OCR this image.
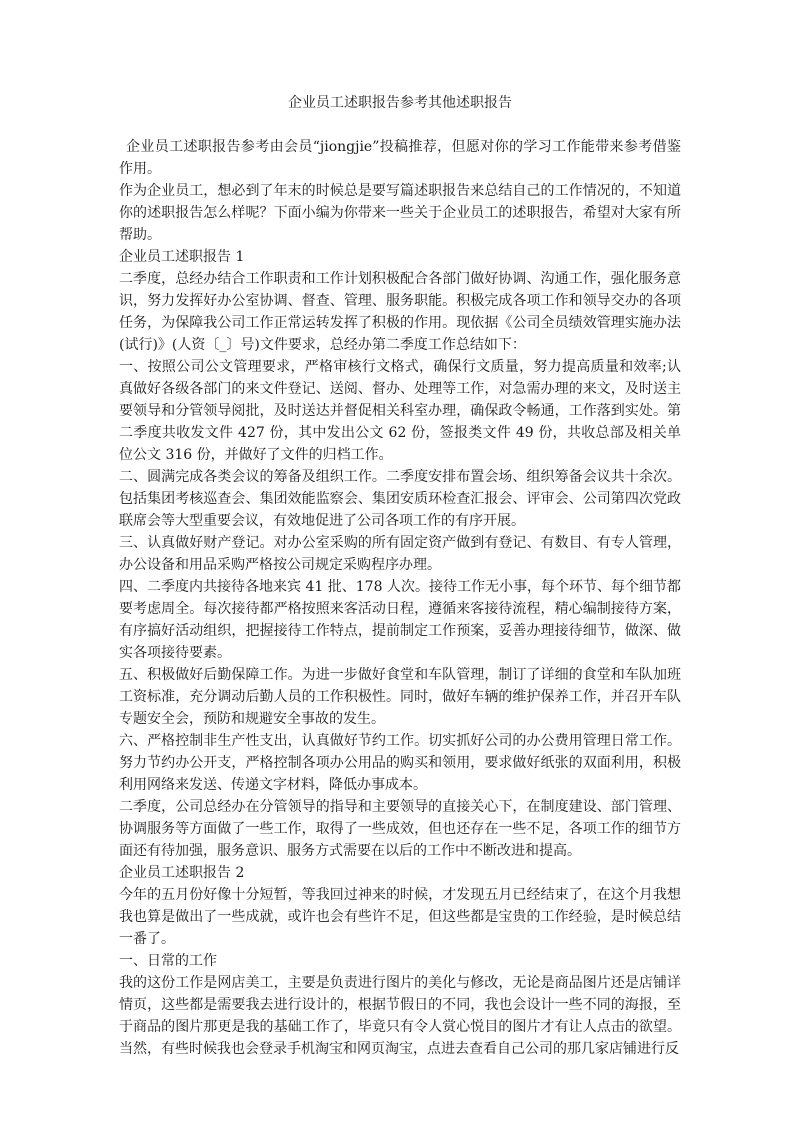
企业员工述职报告参考其他述职报告

企业员工述职报告参考由会员“jiongjie”投稿推荐，但愿对你的学习工作能带来参考借鉴作用。

作为企业员工，想必到了年末的时候总是要写篇述职报告来总结自己的工作情况的，不知道你的述职报告怎么样呢？下面小编为你带来一些关于企业员工的述职报告，希望对大家有所帮助。

企业员工述职报告 1

二季度，总经办结合工作职责和工作计划积极配合各部门做好协调、沟通工作，强化服务意识，努力发挥好办公室协调、督查、管理、服务职能。积极完成各项工作和领导交办的各项任务，为保障我公司工作正常运转发挥了积极的作用。现依据《公司全员绩效管理实施办法(试行)》(人资〔_〕号)文件要求，总经办第二季度工作总结如下：

一、按照公司公文管理要求，严格审核行文格式，确保行文质量，努力提高质量和效率;认真做好各级各部门的来文件登记、送阅、督办、处理等工作，对急需办理的来文，及时送主要领导和分管领导阅批，及时送达并督促相关科室办理，确保政令畅通，工作落到实处。第二季度共收发文件 427 份，其中发出公文 62 份，签报类文件 49 份，共收总部及相关单位公文 316 份，并做好了文件的归档工作。

二、圆满完成各类会议的筹备及组织工作。二季度安排布置会场、组织筹备会议共十余次。包括集团考核巡查会、集团效能监察会、集团安质环检查汇报会、评审会、公司第四次党政联席会等大型重要会议，有效地促进了公司各项工作的有序开展。

三、认真做好财产登记。对办公室采购的所有固定资产做到有登记、有数目、有专人管理，办公设备和用品采购严格按公司规定采购程序办理。

四、二季度内共接待各地来宾 41 批、178 人次。接待工作无小事，每个环节、每个细节都要考虑周全。每次接待都严格按照来客活动日程，遵循来客接待流程，精心编制接待方案，有序搞好活动组织，把握接待工作特点，提前制定工作预案，妥善办理接待细节，做深、做实各项接待要素。

五、积极做好后勤保障工作。为进一步做好食堂和车队管理，制订了详细的食堂和车队加班工资标准，充分调动后勤人员的工作积极性。同时，做好车辆的维护保养工作，并召开车队专题安全会，预防和规避安全事故的发生。

六、严格控制非生产性支出，认真做好节约工作。切实抓好公司的办公费用管理日常工作。努力节约办公开支，严格控制各项办公用品的购买和领用，要求做好纸张的双面利用，积极利用网络来发送、传递文字材料，降低办事成本。

二季度，公司总经办在分管领导的指导和主要领导的直接关心下，在制度建设、部门管理、协调服务等方面做了一些工作，取得了一些成效，但也还存在一些不足，各项工作的细节方面还有待加强，服务意识、服务方式需要在以后的工作中不断改进和提高。

企业员工述职报告 2

今年的五月份好像十分短暂，等我回过神来的时候，才发现五月已经结束了，在这个月我想我也算是做出了一些成就，或许也会有些许不足，但这些都是宝贵的工作经验，是时候总结一番了。

一、日常的工作

我的这份工作是网店美工，主要是负责进行图片的美化与修改，无论是商品图片还是店铺详情页，这些都是需要我去进行设计的，根据节假日的不同，我也会设计一些不同的海报，至于商品的图片那更是我的基础工作了，毕竟只有令人赏心悦目的图片才有让人点击的欲望。当然，有些时候我也会登录手机淘宝和网页淘宝，点进去查看自己公司的那几家店铺进行反
